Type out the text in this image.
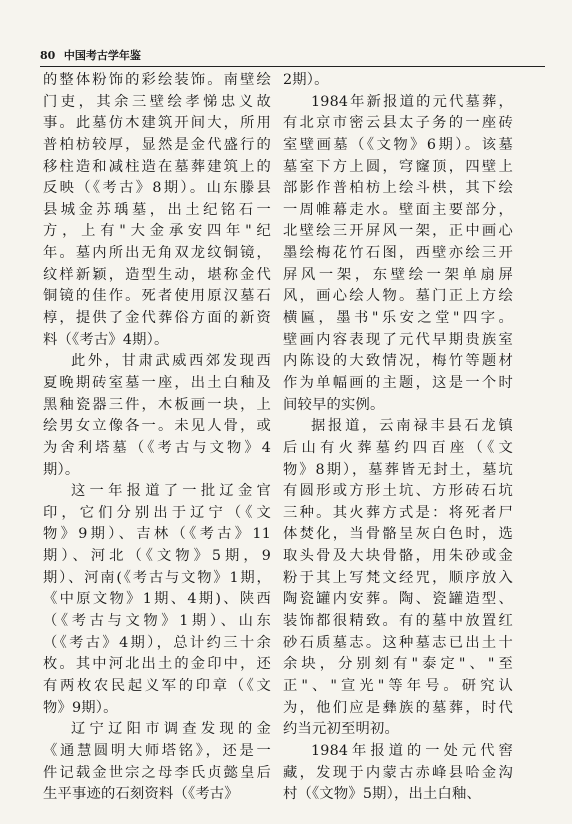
80 中国考古学年鉴
的整体粉饰的彩绘装饰。南壁绘
门吏，其余三壁绘孝悌忠义故
事。此墓仿木建筑开间大，所用
普柏枋较厚，显然是金代盛行的
移柱造和减柱造在墓葬建筑上的
反映（《考古》8期）。山东滕县
县城金苏瑀墓，出土纪铭石一
方，上有"大金承安四年"纪
年。墓内所出无角双龙纹铜镜，
纹样新颖，造型生动，堪称金代
铜镜的佳作。死者使用原汉墓石
椁，提供了金代葬俗方面的新资
料（《考古》4期）。
此外，甘肃武威西郊发现西
夏晚期砖室墓一座，出土白釉及
黑釉瓷器三件，木板画一块，上
绘男女立像各一。未见人骨，或
为舍利塔墓（《考古与文物》4
期）。
这一年报道了一批辽金官
印，它们分别出于辽宁（《文
物》9期）、吉林（《考古》11
期）、河北（《文物》5期，9
期）、河南(《考古与文物》1期，
《中原文物》1期、4期)、陕西
（《考古与文物》1期）、山东
（《考古》4期），总计约三十余
枚。其中河北出土的金印中，还
有两枚农民起义军的印章（《文
物》9期）。
辽宁辽阳市调查发现的金
《通慧圆明大师塔铭》，还是一
件记载金世宗之母李氏贞懿皇后
生平事迹的石刻资料（《考古》
2期）。
1984年新报道的元代墓葬，
有北京市密云县太子务的一座砖
室壁画墓（《文物》6期）。该墓
墓室下方上圆，穹窿顶，四壁上
部影作普柏枋上绘斗栱，其下绘
一周帷幕走水。壁面主要部分，
北壁绘三开屏风一架，正中画心
墨绘梅花竹石图，西壁亦绘三开
屏风一架，东壁绘一架单扇屏
风，画心绘人物。墓门正上方绘
横匾，墨书"乐安之堂"四字。
壁画内容表现了元代早期贵族室
内陈设的大致情况，梅竹等题材
作为单幅画的主题，这是一个时
间较早的实例。
据报道，云南禄丰县石龙镇
后山有火葬墓约四百座（《文
物》8期），墓葬皆无封土，墓坑
有圆形或方形土坑、方形砖石坑
三种。其火葬方式是：将死者尸
体焚化，当骨骼呈灰白色时，选
取头骨及大块骨骼，用朱砂或金
粉于其上写梵文经咒，顺序放入
陶瓷罐内安葬。陶、瓷罐造型、
装饰都很精致。有的墓中放置红
砂石质墓志。这种墓志已出土十
余块，分别刻有"泰定"、"至
正"、"宣光"等年号。研究认
为，他们应是彝族的墓葬，时代
约当元初至明初。
1984年报道的一处元代窖
藏，发现于内蒙古赤峰县哈金沟
村（《文物》5期），出土白釉、
